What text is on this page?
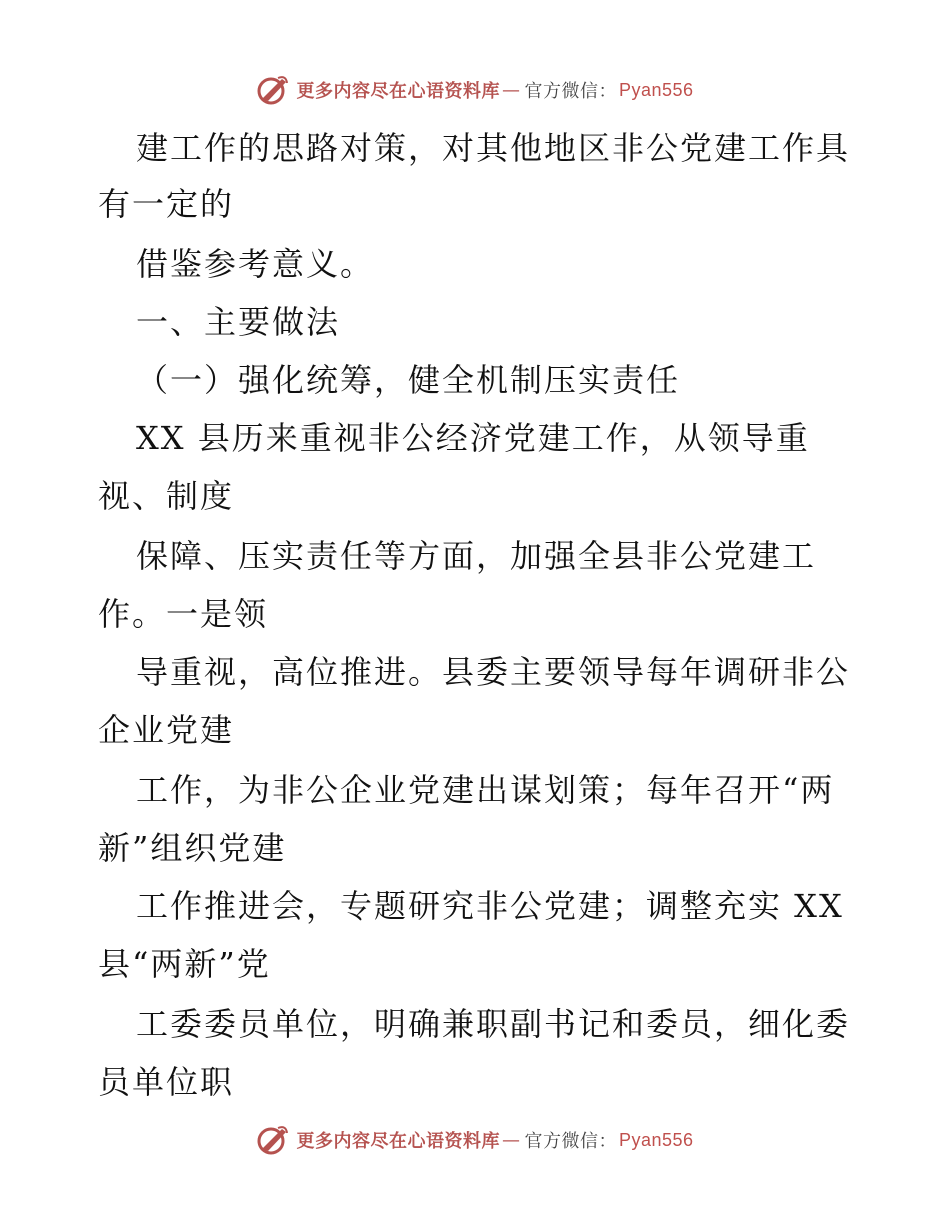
更多内容尽在心语资料库 — 官方微信： Pyan556
建工作的思路对策，对其他地区非公党建工作具
有一定的
借鉴参考意义。
一、主要做法
（一）强化统筹，健全机制压实责任
XX 县历来重视非公经济党建工作，从领导重
视、制度
保障、压实责任等方面，加强全县非公党建工
作。一是领
导重视，高位推进。县委主要领导每年调研非公
企业党建
工作，为非公企业党建出谋划策；每年召开“两
新”组织党建
工作推进会，专题研究非公党建；调整充实 XX
县“两新”党
工委委员单位，明确兼职副书记和委员，细化委
员单位职
更多内容尽在心语资料库 — 官方微信： Pyan556
